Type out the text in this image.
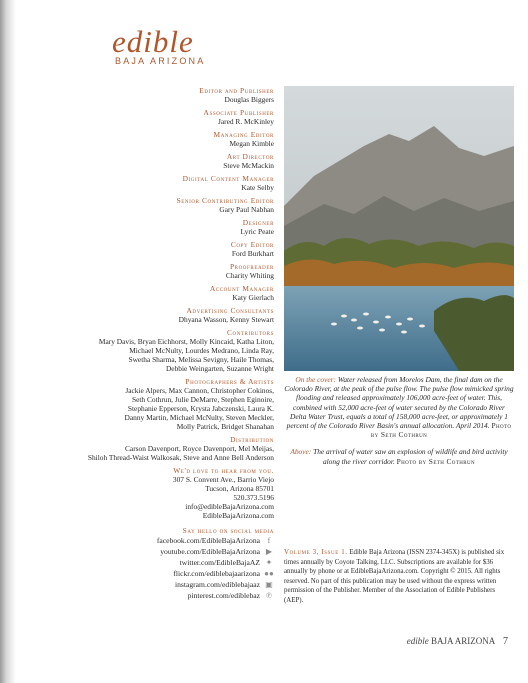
edible
BAJA ARIZONA
Editor and Publisher
Douglas Biggers
Associate Publisher
Jared R. McKinley
Managing Editor
Megan Kimble
Art Director
Steve McMackin
Digital Content Manager
Kate Selby
Senior Contributing Editor
Gary Paul Nabhan
Designer
Lyric Peate
Copy Editor
Ford Burkhart
Proofreader
Charity Whiting
Account Manager
Katy Gierlach
Advertising Consultants
Dhyana Wasson, Kenny Stewart
Contributors
Mary Davis, Bryan Eichhorst, Molly Kincaid, Katha Liton,
Michael McNulty, Lourdes Medrano, Linda Ray,
Swetha Sharma, Melissa Sevigny, Haile Thomas,
Debbie Weingarten, Suzanne Wright
Photographers & Artists
Jackie Alpers, Max Cannon, Christopher Cokinos,
Seth Cothrun, Julie DeMarre, Stephen Eginoire,
Stephanie Epperson, Krysta Jabczenski, Laura K.
Danny Martin, Michael McNulty, Steven Meckler,
Molly Patrick, Bridget Shanahan
Distribution
Carson Davenport, Royce Davenport, Mel Meijas,
Shiloh Thread-Waist Walkosak, Steve and Anne Bell Anderson
We'd love to hear from you.
307 S. Convent Ave., Barrio Viejo
Tucson, Arizona 85701
520.373.5196
info@edibleBajaArizona.com
EdibleBajaArizona.com
Say hello on social media
facebook.com/EdibleBajaArizona f
youtube.com/EdibleBajaArizona ▶
twitter.com/EdibleBajaAZ ✦
flickr.com/ediblebajaarizona ●●
instagram.com/ediblebajaaz ▣
pinterest.com/ediblebaz ℗

On the cover: Water released from Morelos Dam, the final dam on the Colorado River, at the peak of the pulse flow. The pulse flow mimicked spring flooding and released approximately 106,000 acre-feet of water. This, combined with 52,000 acre-feet of water secured by the Colorado River Delta Water Trust, equals a total of 158,000 acre-feet, or approximately 1 percent of the Colorado River Basin's annual allocation. April 2014. Photo by Seth Cothrun

Above: The arrival of water saw an explosion of wildlife and bird activity along the river corridor. Photo by Seth Cothrun

Volume 3, Issue 1. Edible Baja Arizona (ISSN 2374-345X) is published six times annually by Coyote Talking, LLC. Subscriptions are available for $36 annually by phone or at EdibleBajaArizona.com. Copyright © 2015. All rights reserved. No part of this publication may be used without the express written permission of the Publisher. Member of the Association of Edible Publishers (AEP).
edible BAJA ARIZONA 7
